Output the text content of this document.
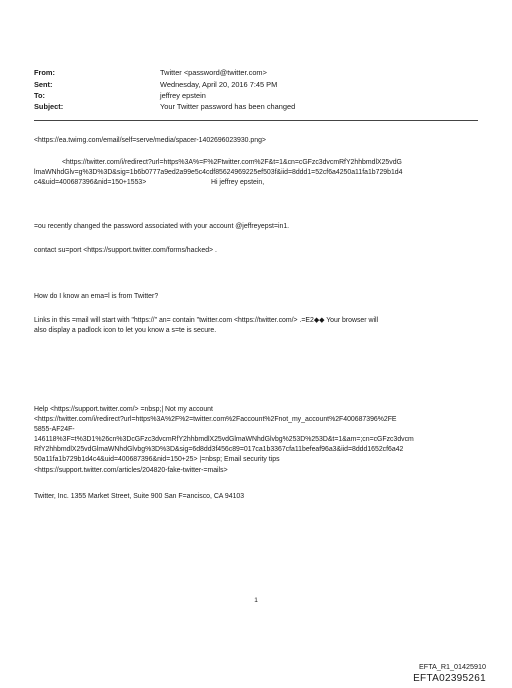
From:	Twitter <password@twitter.com>
Sent:	Wednesday, April 20, 2016 7:45 PM
To:	jeffrey epstein
Subject:	Your Twitter password has been changed
<https://ea.twimg.com/email/self=serve/media/spacer-1402696023930.png>
<https://twitter.com/i/redirect?url=https%3A%=F%2Ftwitter.com%2F&t=1&cn=cGFzc3dvcmRfY2hhbmdlX25vdG
lmaWNhdGlv=g%3D%3D&sig=1b6b0777a9ed2a99e5c4cdf85624969225ef503f&iid=8ddd1=52cf6a4250a11fa1b729b1d4
c4&uid=400687396&nid=150+1553>	Hi jeffrey epstein,
=ou recently changed the password associated with your account @jeffreyepst=in1.
contact su=port <https://support.twitter.com/forms/hacked> .
How do I know an ema=l is from Twitter?
Links in this =mail will start with "https://" an= contain "twitter.com <https://twitter.com/> .=E2◆◆ Your browser will
also display a padlock icon to let you know a s=te is secure.
Help <https://support.twitter.com/> =nbsp;| Not my account
<https://twitter.com/i/redirect?url=https%3A%2F%2=twitter.com%2Faccount%2Fnot_my_account%2F400687396%2FE
5855-AF24F-
146118%3F=t%3D1%26cn%3DcGFzc3dvcmRfY2hhbmdlX25vdGlmaWNhdGlvbg%253D%253D&t=1&am=;cn=cGFzc3dvcm
RfY2hhbmdlX25vdGlmaWNhdGlvbg%3D%3D&sig=6d8dd3f456c89=017ca1b3367cfa11befeaf96a3&iid=8ddd1652cf6a42
50a11fa1b729b1d4c4&uid=400687396&nid=150+25> |=nbsp; Email security tips
<https://support.twitter.com/articles/204820-fake-twitter-=mails>
Twitter, Inc. 1355 Market Street, Suite 900 San F=ancisco, CA 94103
1
EFTA_R1_01425910
EFTA02395261
